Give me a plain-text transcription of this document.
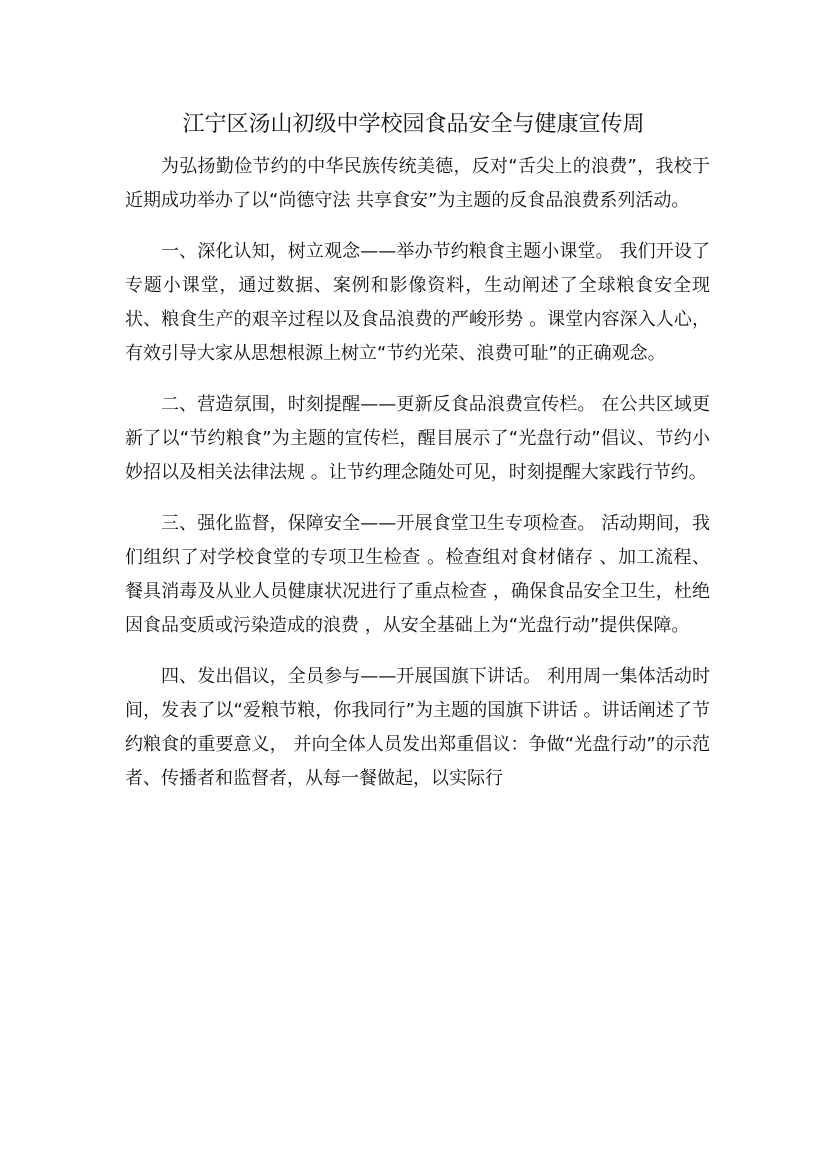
江宁区汤山初级中学校园食品安全与健康宣传周

为弘扬勤俭节约的中华民族传统美德，反对“舌尖上的浪费”，我校于近期成功举办了以“尚德守法 共享食安”为主题的反食品浪费系列活动。

一、深化认知，树立观念——举办节约粮食主题小课堂。 我们开设了专题小课堂，通过数据、案例和影像资料，生动阐述了全球粮食安全现状、粮食生产的艰辛过程以及食品浪费的严峻形势 。课堂内容深入人心，有效引导大家从思想根源上树立“节约光荣、浪费可耻”的正确观念。

二、营造氛围，时刻提醒——更新反食品浪费宣传栏。 在公共区域更新了以“节约粮食”为主题的宣传栏，醒目展示了“光盘行动”倡议、节约小妙招以及相关法律法规 。让节约理念随处可见，时刻提醒大家践行节约。

三、强化监督，保障安全——开展食堂卫生专项检查。 活动期间，我们组织了对学校食堂的专项卫生检查 。检查组对食材储存 、加工流程、餐具消毒及从业人员健康状况进行了重点检查 ，确保食品安全卫生，杜绝因食品变质或污染造成的浪费 ，从安全基础上为“光盘行动”提供保障。

四、发出倡议，全员参与——开展国旗下讲话。 利用周一集体活动时间，发表了以“爱粮节粮，你我同行”为主题的国旗下讲话 。讲话阐述了节约粮食的重要意义， 并向全体人员发出郑重倡议：争做“光盘行动”的示范者、传播者和监督者，从每一餐做起，以实际行
